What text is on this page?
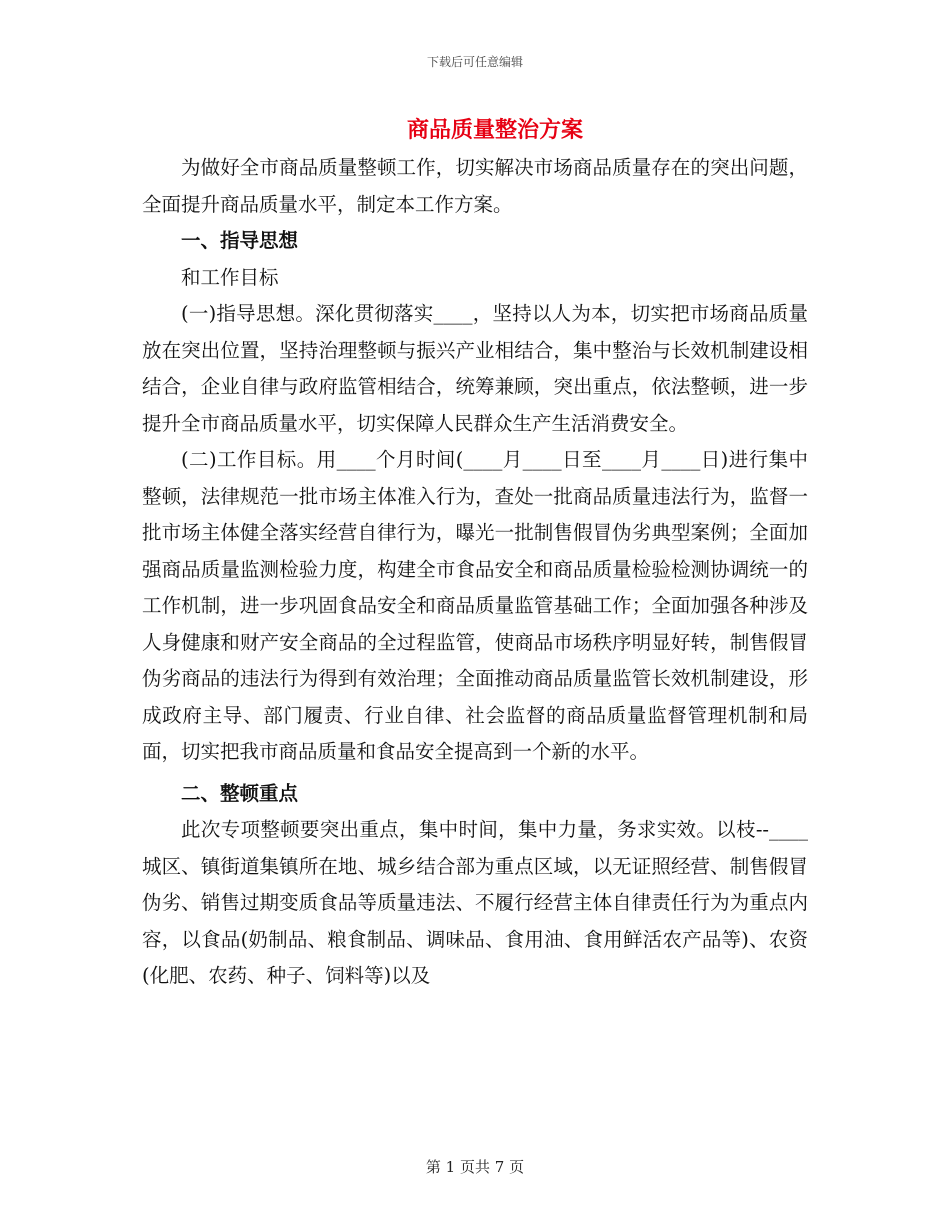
下载后可任意编辑
商品质量整治方案

为做好全市商品质量整顿工作，切实解决市场商品质量存在的突出问题，全面提升商品质量水平，制定本工作方案。

一、指导思想

和工作目标

(一)指导思想。深化贯彻落实____，坚持以人为本，切实把市场商品质量放在突出位置，坚持治理整顿与振兴产业相结合，集中整治与长效机制建设相结合，企业自律与政府监管相结合，统筹兼顾，突出重点，依法整顿，进一步提升全市商品质量水平，切实保障人民群众生产生活消费安全。

(二)工作目标。用____个月时间(____月____日至____月____日)进行集中整顿，法律规范一批市场主体准入行为，查处一批商品质量违法行为，监督一批市场主体健全落实经营自律行为，曝光一批制售假冒伪劣典型案例；全面加强商品质量监测检验力度，构建全市食品安全和商品质量检验检测协调统一的工作机制，进一步巩固食品安全和商品质量监管基础工作；全面加强各种涉及人身健康和财产安全商品的全过程监管，使商品市场秩序明显好转，制售假冒伪劣商品的违法行为得到有效治理；全面推动商品质量监管长效机制建设，形成政府主导、部门履责、行业自律、社会监督的商品质量监督管理机制和局面，切实把我市商品质量和食品安全提高到一个新的水平。

二、整顿重点

此次专项整顿要突出重点，集中时间，集中力量，务求实效。以枝--____城区、镇街道集镇所在地、城乡结合部为重点区域，以无证照经营、制售假冒伪劣、销售过期变质食品等质量违法、不履行经营主体自律责任行为为重点内容，以食品(奶制品、粮食制品、调味品、食用油、食用鲜活农产品等)、农资(化肥、农药、种子、饲料等)以及

第 1 页共 7 页
